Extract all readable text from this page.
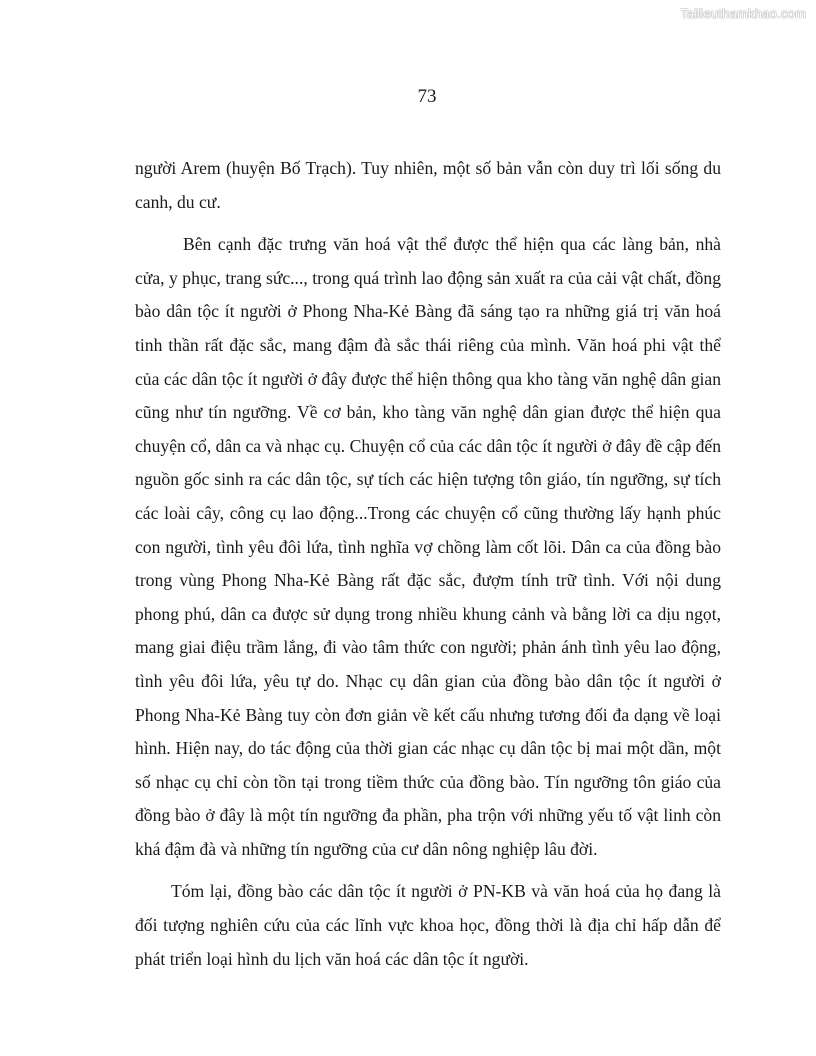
Tailieuthamkhao.com
73

người Arem (huyện Bố Trạch). Tuy nhiên, một số bản vẫn còn duy trì lối sống du canh, du cư.

Bên cạnh đặc trưng văn hoá vật thể được thể hiện qua các làng bản, nhà cửa, y phục, trang sức..., trong quá trình lao động sản xuất ra của cải vật chất, đồng bào dân tộc ít người ở Phong Nha-Kẻ Bàng đã sáng tạo ra những giá trị văn hoá tinh thần rất đặc sắc, mang đậm đà sắc thái riêng của mình. Văn hoá phi vật thể của các dân tộc ít người ở đây được thể hiện thông qua kho tàng văn nghệ dân gian cũng như tín ngưỡng. Về cơ bản, kho tàng văn nghệ dân gian được thể hiện qua chuyện cổ, dân ca và nhạc cụ. Chuyện cổ của các dân tộc ít người ở đây đề cập đến nguồn gốc sinh ra các dân tộc, sự tích các hiện tượng tôn giáo, tín ngưỡng, sự tích các loài cây, công cụ lao động...Trong các chuyện cổ cũng thường lấy hạnh phúc con người, tình yêu đôi lứa, tình nghĩa vợ chồng làm cốt lõi. Dân ca của đồng bào trong vùng Phong Nha-Kẻ Bàng rất đặc sắc, đượm tính trữ tình. Với nội dung phong phú, dân ca được sử dụng trong nhiều khung cảnh và bằng lời ca dịu ngọt, mang giai điệu trầm lắng, đi vào tâm thức con người; phản ánh tình yêu lao động, tình yêu đôi lứa, yêu tự do. Nhạc cụ dân gian của đồng bào dân tộc ít người ở Phong Nha-Kẻ Bàng tuy còn đơn giản về kết cấu nhưng tương đối đa dạng về loại hình. Hiện nay, do tác động của thời gian các nhạc cụ dân tộc bị mai một dần, một số nhạc cụ chỉ còn tồn tại trong tiềm thức của đồng bào. Tín ngưỡng tôn giáo của đồng bào ở đây là một tín ngưỡng đa phần, pha trộn với những yếu tố vật linh còn khá đậm đà và những tín ngưỡng của cư dân nông nghiệp lâu đời.

Tóm lại, đồng bào các dân tộc ít người ở PN-KB và văn hoá của họ đang là đối tượng nghiên cứu của các lĩnh vực khoa học, đồng thời là địa chỉ hấp dẫn để phát triển loại hình du lịch văn hoá các dân tộc ít người.
